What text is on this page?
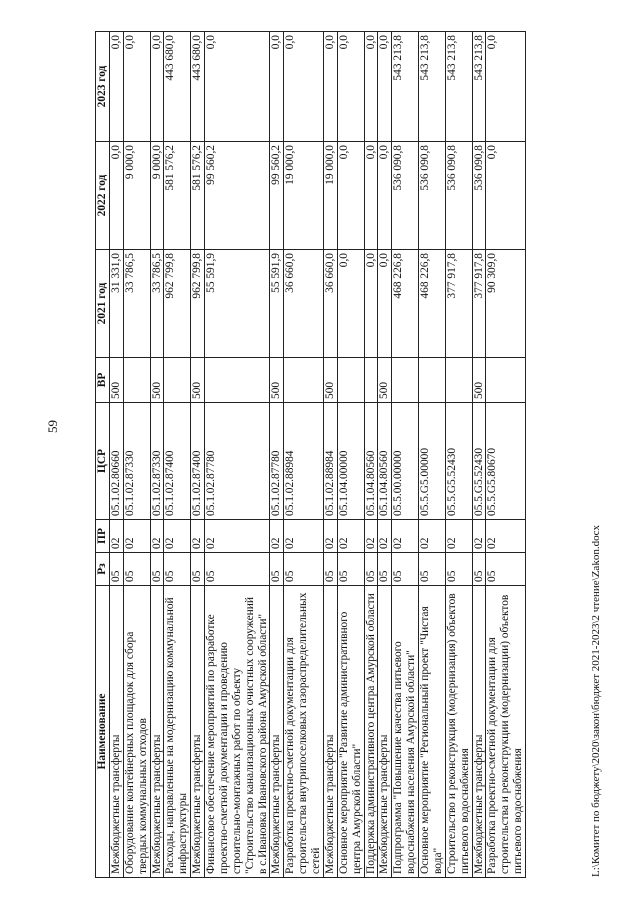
59
Наименование	Рз	ПР	ЦСР	ВР	2021 год	2022 год	2023 год
Межбюджетные трансферты	05	02	05.1.02.80660	500	31 331,0	0,0	0,0
Оборудование контейнерных площадок для сбора твердых коммунальных отходов	05	02	05.1.02.87330		33 786,5	9 000,0	0,0
Межбюджетные трансферты	05	02	05.1.02.87330	500	33 786,5	9 000,0	0,0
Расходы, направленные на модернизацию коммунальной инфраструктуры	05	02	05.1.02.87400		962 799,8	581 576,2	443 680,0
Межбюджетные трансферты	05	02	05.1.02.87400	500	962 799,8	581 576,2	443 680,0
Финансовое обеспечение мероприятий по разработке проектно-сметной документации и проведению строительно-монтажных работ по объекту "Строительство канализационных очистных сооружений в с.Ивановка Ивановского района Амурской области"	05	02	05.1.02.87780		55 591,9	99 560,2	0,0
Межбюджетные трансферты	05	02	05.1.02.87780	500	55 591,9	99 560,2	0,0
Разработка проектно-сметной документации для строительства внутрипоселковых газораспределительных сетей	05	02	05.1.02.88984		36 660,0	19 000,0	0,0
Межбюджетные трансферты	05	02	05.1.02.88984	500	36 660,0	19 000,0	0,0
Основное мероприятие "Развитие административного центра Амурской области"	05	02	05.1.04.00000		0,0	0,0	0,0
Поддержка административного центра Амурской области	05	02	05.1.04.80560		0,0	0,0	0,0
Межбюджетные трансферты	05	02	05.1.04.80560	500	0,0	0,0	0,0
Подпрограмма "Повышение качества питьевого водоснабжения населения Амурской области"	05	02	05.5.00.00000		468 226,8	536 090,8	543 213,8
Основное мероприятие "Региональный проект "Чистая вода"	05	02	05.5.G5.00000		468 226,8	536 090,8	543 213,8
Строительство и реконструкция (модернизация) объектов питьевого водоснабжения	05	02	05.5.G5.52430		377 917,8	536 090,8	543 213,8
Межбюджетные трансферты	05	02	05.5.G5.52430	500	377 917,8	536 090,8	543 213,8
Разработка проектно-сметной документации для строительства и реконструкции (модернизации) объектов питьевого водоснабжения	05	02	05.5.G5.80670		90 309,0	0,0	0,0
L:\Комитет по бюджету\2020\закон\бюджет 2021-2023\2 чтение\Zakon.docx
